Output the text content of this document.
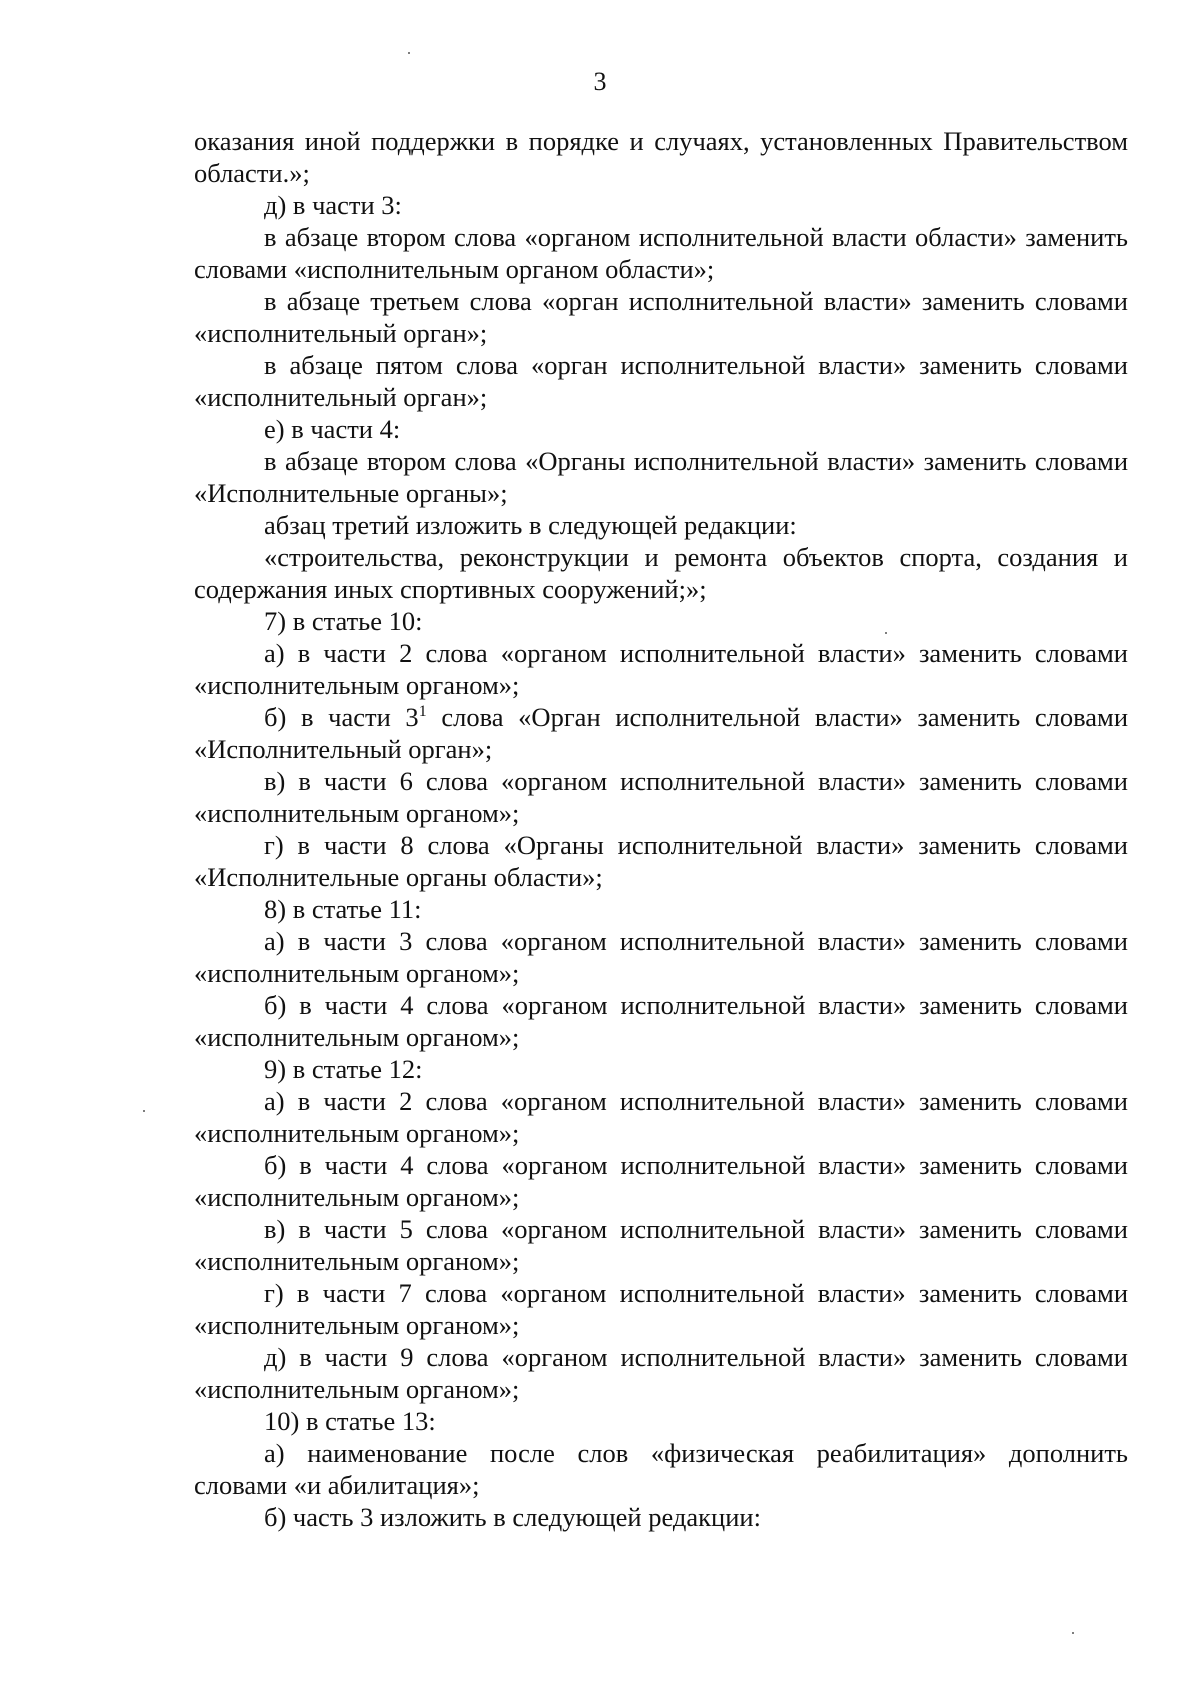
3

оказания иной поддержки в порядке и случаях, установленных Правительством области.»;

д) в части 3:

в абзаце втором слова «органом исполнительной власти области» заменить словами «исполнительным органом области»;

в абзаце третьем слова «орган исполнительной власти» заменить словами «исполнительный орган»;

в абзаце пятом слова «орган исполнительной власти» заменить словами «исполнительный орган»;

е) в части 4:

в абзаце втором слова «Органы исполнительной власти» заменить словами «Исполнительные органы»;

абзац третий изложить в следующей редакции:

«строительства, реконструкции и ремонта объектов спорта, создания и содержания иных спортивных сооружений;»;

7) в статье 10:

а) в части 2 слова «органом исполнительной власти» заменить словами «исполнительным органом»;

б) в части $3^1$ слова «Орган исполнительной власти» заменить словами «Исполнительный орган»;

в) в части 6 слова «органом исполнительной власти» заменить словами «исполнительным органом»;

г) в части 8 слова «Органы исполнительной власти» заменить словами «Исполнительные органы области»;

8) в статье 11:

а) в части 3 слова «органом исполнительной власти» заменить словами «исполнительным органом»;

б) в части 4 слова «органом исполнительной власти» заменить словами «исполнительным органом»;

9) в статье 12:

а) в части 2 слова «органом исполнительной власти» заменить словами «исполнительным органом»;

б) в части 4 слова «органом исполнительной власти» заменить словами «исполнительным органом»;

в) в части 5 слова «органом исполнительной власти» заменить словами «исполнительным органом»;

г) в части 7 слова «органом исполнительной власти» заменить словами «исполнительным органом»;

д) в части 9 слова «органом исполнительной власти» заменить словами «исполнительным органом»;

10) в статье 13:

а) наименование после слов «физическая реабилитация» дополнить словами «и абилитация»;

б) часть 3 изложить в следующей редакции:
